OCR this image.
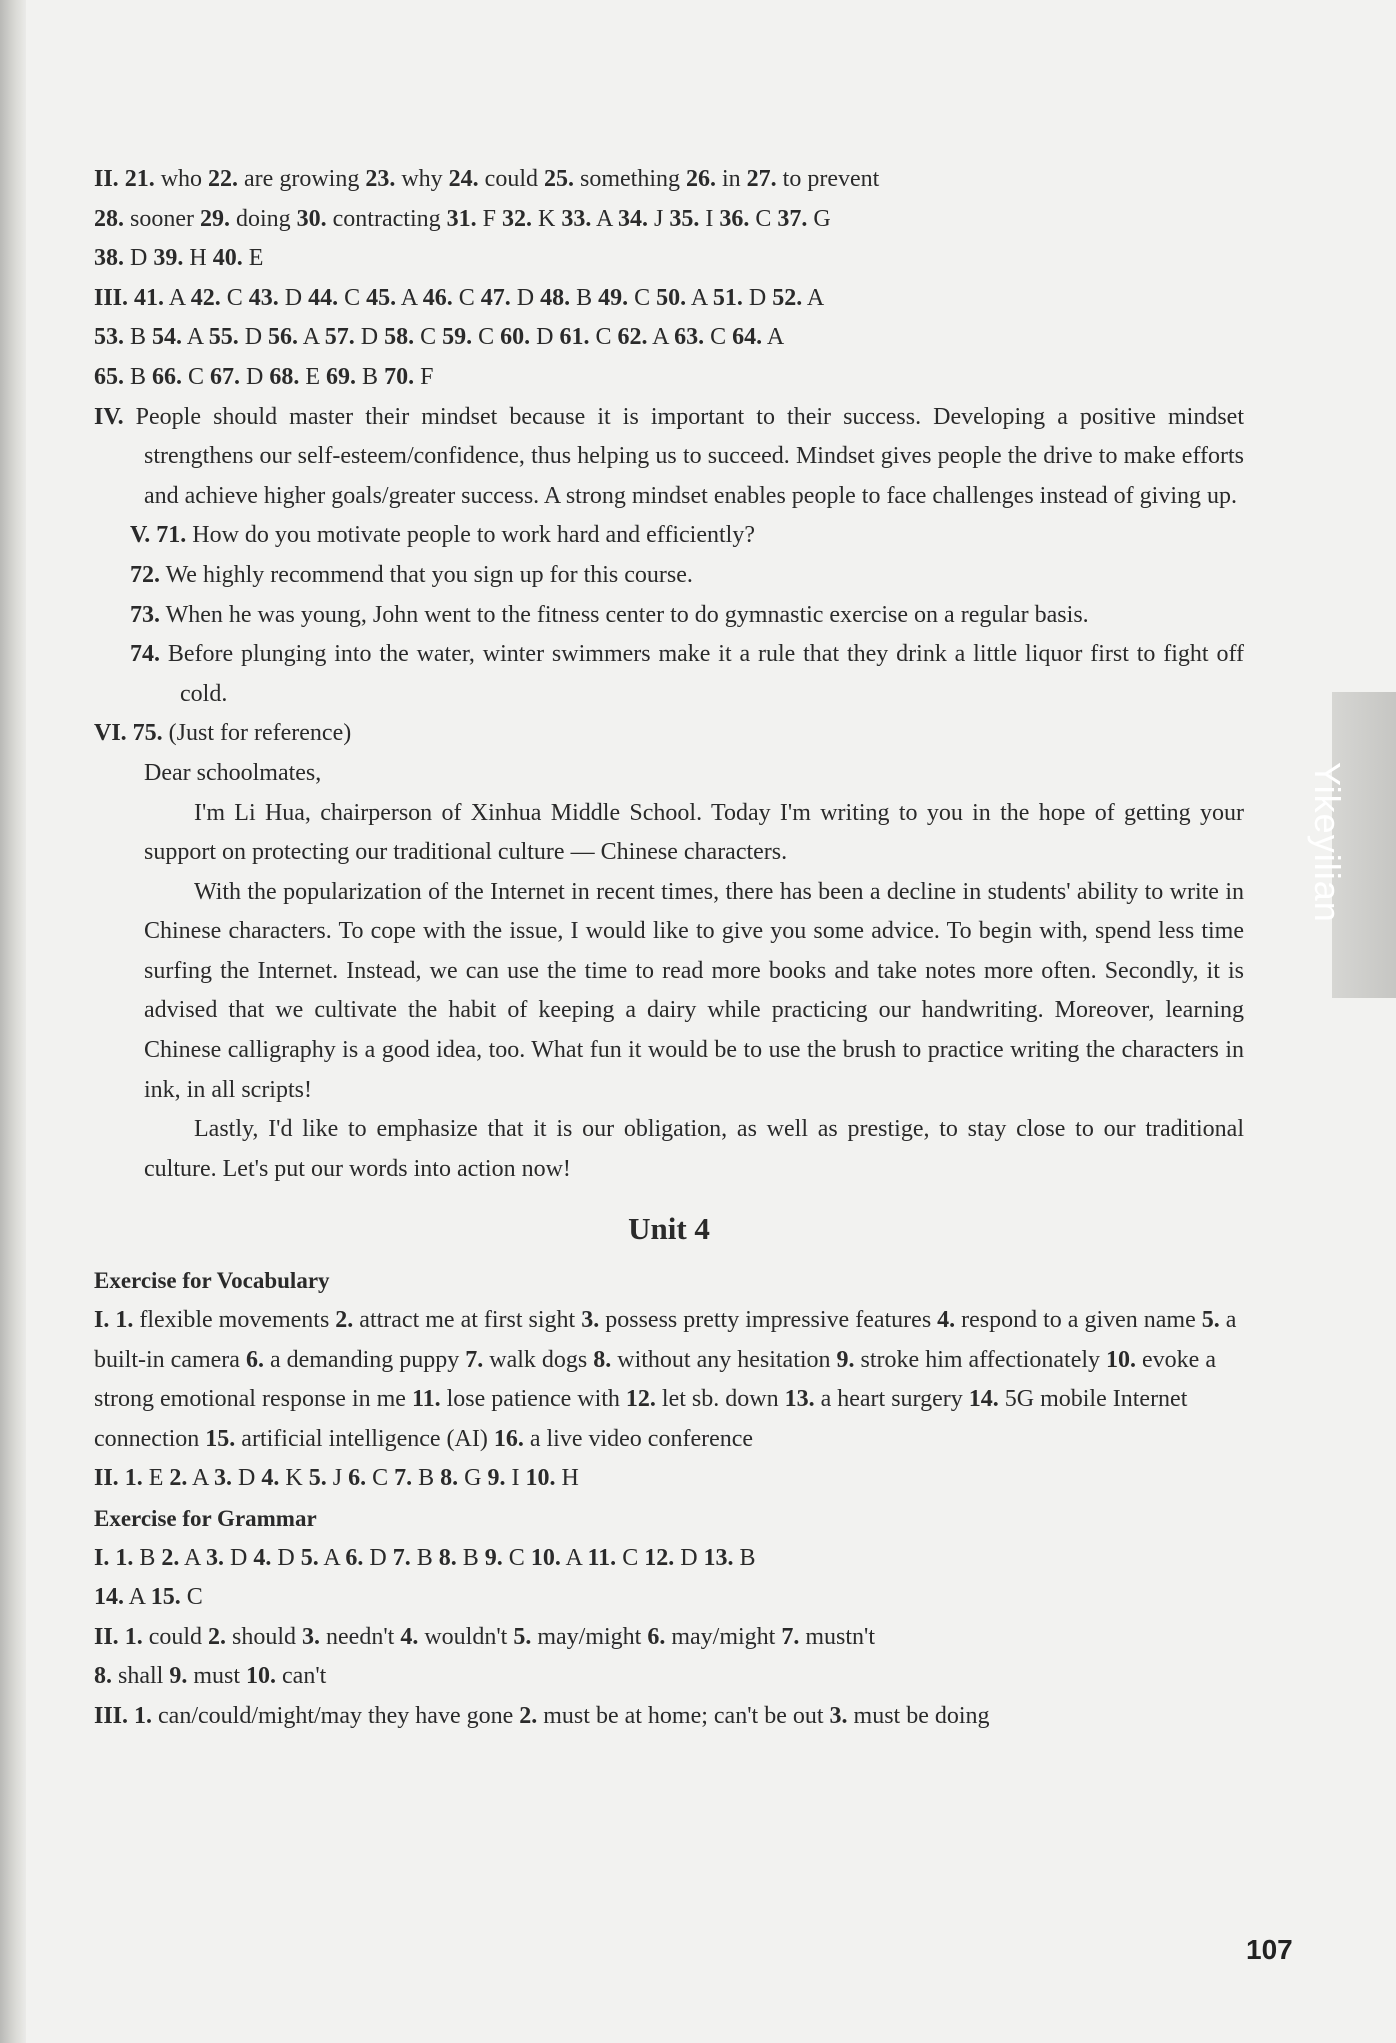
Yikeyilian
II. 21. who 22. are growing 23. why 24. could 25. something 26. in 27. to prevent
28. sooner 29. doing 30. contracting 31. F 32. K 33. A 34. J 35. I 36. C 37. G
38. D 39. H 40. E
III. 41. A 42. C 43. D 44. C 45. A 46. C 47. D 48. B 49. C 50. A 51. D 52. A
53. B 54. A 55. D 56. A 57. D 58. C 59. C 60. D 61. C 62. A 63. C 64. A
65. B 66. C 67. D 68. E 69. B 70. F

IV. People should master their mindset because it is important to their success. Developing a positive mindset strengthens our self-esteem/confidence, thus helping us to succeed. Mindset gives people the drive to make efforts and achieve higher goals/greater success. A strong mindset enables people to face challenges instead of giving up.

V. 71. How do you motivate people to work hard and efficiently?

72. We highly recommend that you sign up for this course.

73. When he was young, John went to the fitness center to do gymnastic exercise on a regular basis.

74. Before plunging into the water, winter swimmers make it a rule that they drink a little liquor first to fight off cold.

VI. 75. (Just for reference)
Dear schoolmates,

I'm Li Hua, chairperson of Xinhua Middle School. Today I'm writing to you in the hope of getting your support on protecting our traditional culture — Chinese characters.

With the popularization of the Internet in recent times, there has been a decline in students' ability to write in Chinese characters. To cope with the issue, I would like to give you some advice. To begin with, spend less time surfing the Internet. Instead, we can use the time to read more books and take notes more often. Secondly, it is advised that we cultivate the habit of keeping a dairy while practicing our handwriting. Moreover, learning Chinese calligraphy is a good idea, too. What fun it would be to use the brush to practice writing the characters in ink, in all scripts!

Lastly, I'd like to emphasize that it is our obligation, as well as prestige, to stay close to our traditional culture. Let's put our words into action now!

Unit 4
Exercise for Vocabulary

I. 1. flexible movements 2. attract me at first sight 3. possess pretty impressive features 4. respond to a given name 5. a built-in camera 6. a demanding puppy 7. walk dogs 8. without any hesitation 9. stroke him affectionately 10. evoke a strong emotional response in me 11. lose patience with 12. let sb. down 13. a heart surgery 14. 5G mobile Internet connection 15. artificial intelligence (AI) 16. a live video conference

II. 1. E 2. A 3. D 4. K 5. J 6. C 7. B 8. G 9. I 10. H
Exercise for Grammar
I. 1. B 2. A 3. D 4. D 5. A 6. D 7. B 8. B 9. C 10. A 11. C 12. D 13. B
14. A 15. C
II. 1. could 2. should 3. needn't 4. wouldn't 5. may/might 6. may/might 7. mustn't
8. shall 9. must 10. can't
III. 1. can/could/might/may they have gone 2. must be at home; can't be out 3. must be doing
107
